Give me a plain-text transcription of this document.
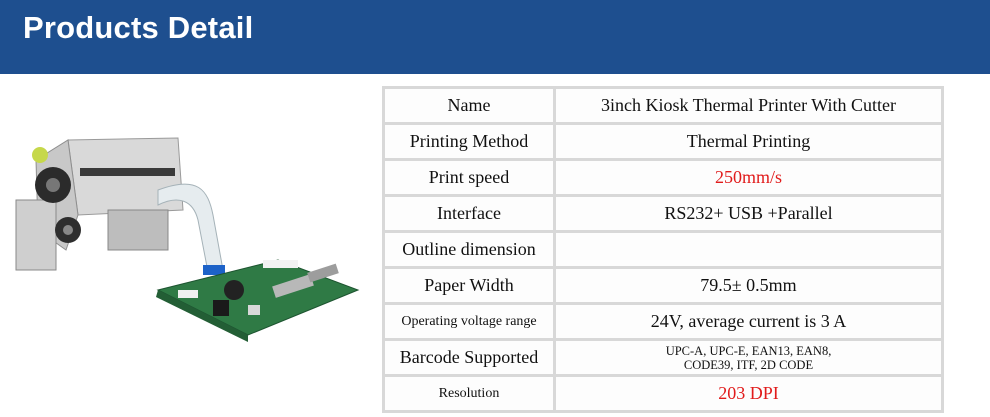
Products Detail
Name	3inch Kiosk Thermal Printer With Cutter
Printing Method	Thermal Printing
Print speed	250mm/s
Interface	RS232+ USB +Parallel
Outline dimension	
Paper Width	79.5± 0.5mm
Operating voltage range	24V, average current is 3 A
Barcode Supported	UPC-A, UPC-E, EAN13, EAN8,
CODE39, ITF, 2D CODE

Resolution	203 DPI
